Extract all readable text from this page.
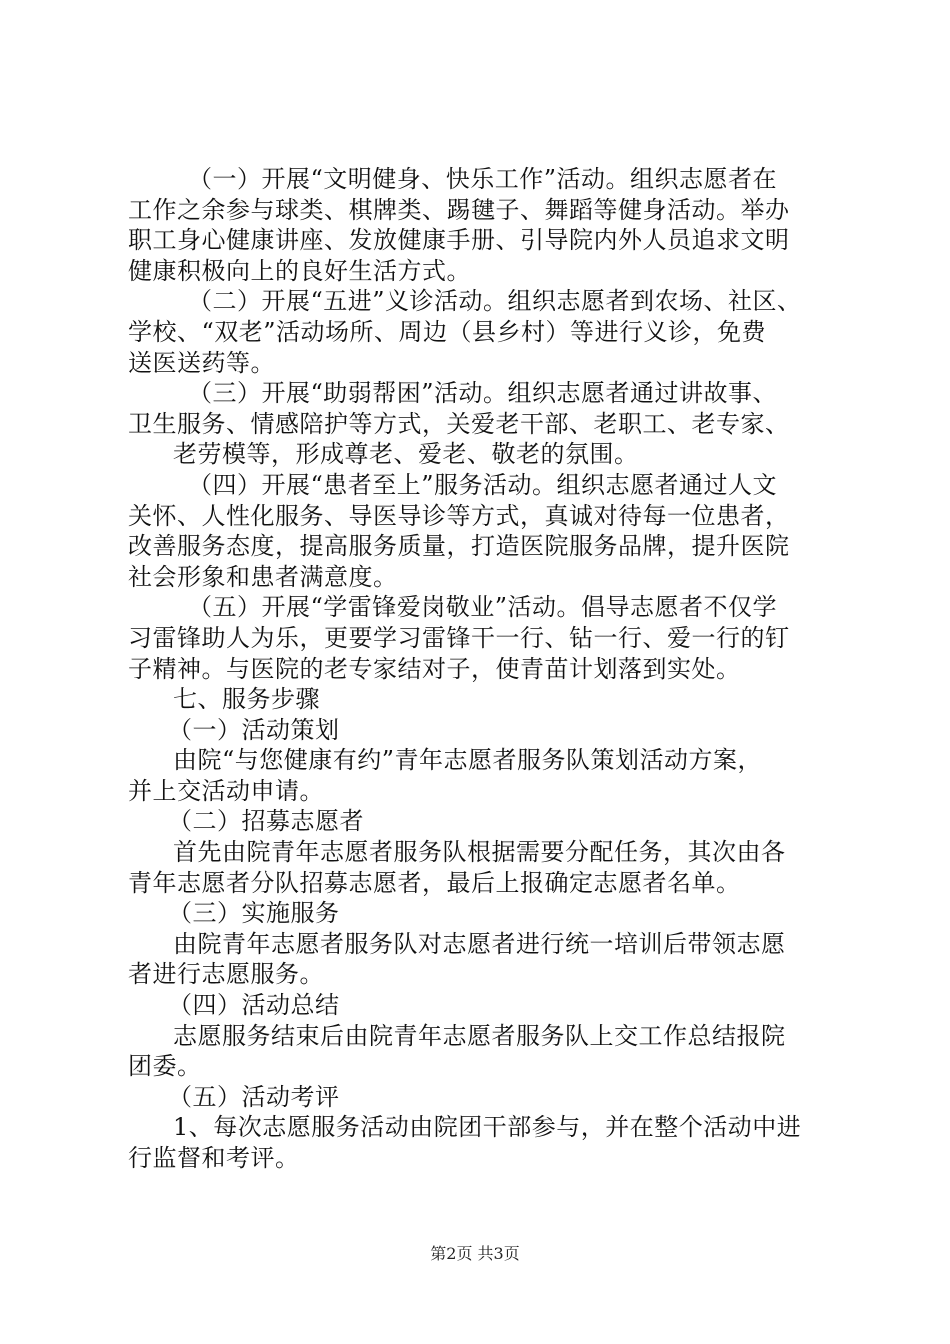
（一）开展“文明健身、快乐工作”活动。组织志愿者在
工作之余参与球类、棋牌类、踢毽子、舞蹈等健身活动。举办
职工身心健康讲座、发放健康手册、引导院内外人员追求文明
健康积极向上的良好生活方式。
（二）开展“五进”义诊活动。组织志愿者到农场、社区、
学校、“双老”活动场所、周边（县乡村）等进行义诊，免费
送医送药等。
（三）开展“助弱帮困”活动。组织志愿者通过讲故事、
卫生服务、情感陪护等方式，关爱老干部、老职工、老专家、
老劳模等，形成尊老、爱老、敬老的氛围。
（四）开展“患者至上”服务活动。组织志愿者通过人文
关怀、人性化服务、导医导诊等方式，真诚对待每一位患者，
改善服务态度，提高服务质量，打造医院服务品牌，提升医院
社会形象和患者满意度。
（五）开展“学雷锋爱岗敬业”活动。倡导志愿者不仅学
习雷锋助人为乐，更要学习雷锋干一行、钻一行、爱一行的钉
子精神。与医院的老专家结对子，使青苗计划落到实处。
七、服务步骤
（一）活动策划
由院“与您健康有约”青年志愿者服务队策划活动方案，
并上交活动申请。
（二）招募志愿者
首先由院青年志愿者服务队根据需要分配任务，其次由各
青年志愿者分队招募志愿者，最后上报确定志愿者名单。
（三）实施服务
由院青年志愿者服务队对志愿者进行统一培训后带领志愿
者进行志愿服务。
（四）活动总结
志愿服务结束后由院青年志愿者服务队上交工作总结报院
团委。
（五）活动考评
1、每次志愿服务活动由院团干部参与，并在整个活动中进
行监督和考评。
第2页 共3页
